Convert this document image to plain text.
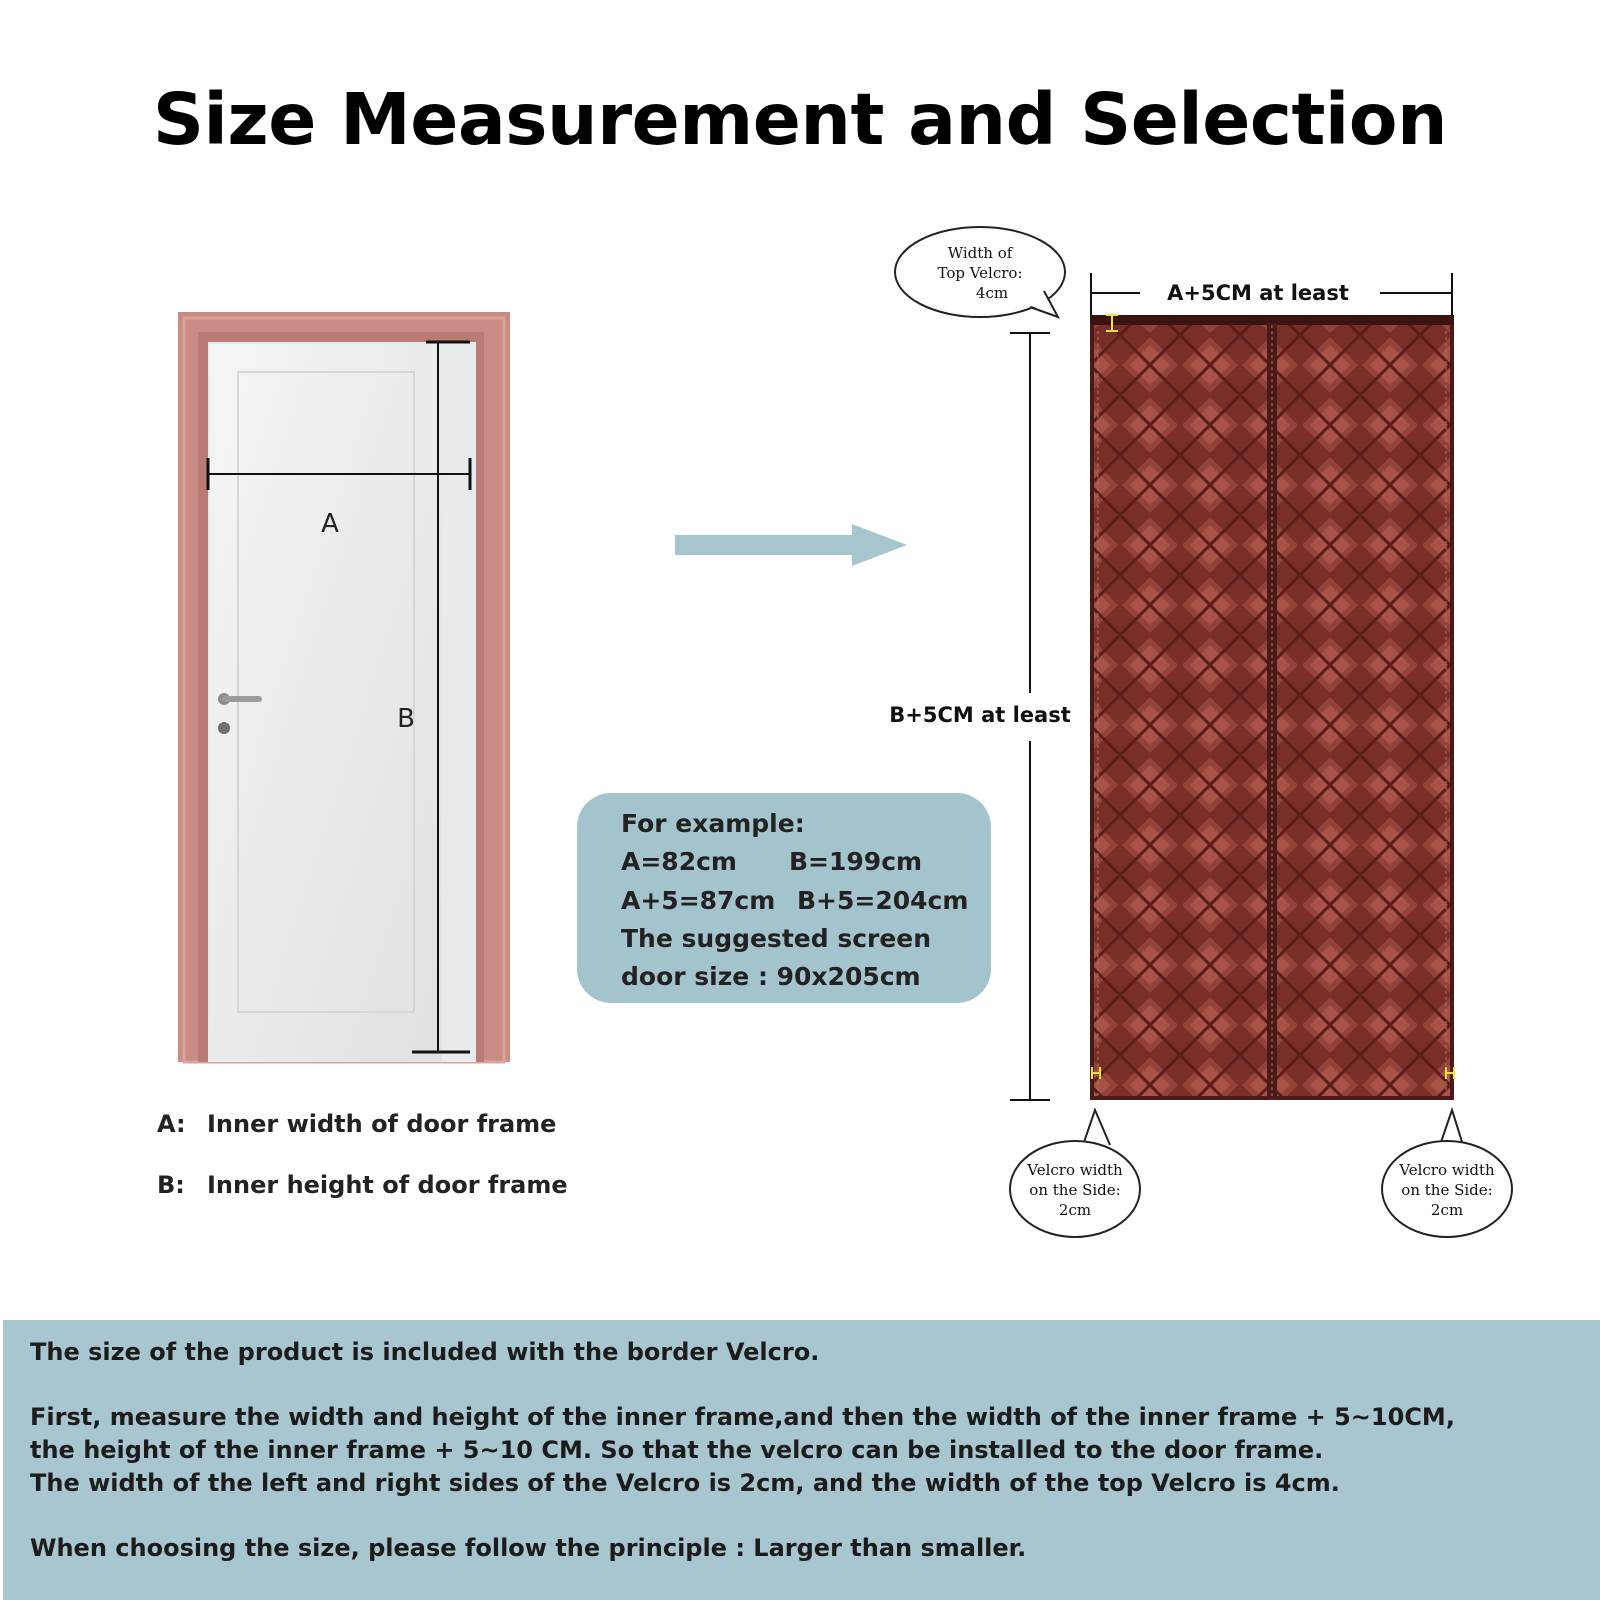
Size Measurement and Selection
A
B
A: Inner width of door frame
B: Inner height of door frame
For example:
A=82cm B=199cm
A+5=87cm B+5=204cm
The suggested screen
door size : 90x205cm
Width of
Top Velcro:
4cm	A+5CM at least
B+5CM at least
Velcro width
on the Side:
2cm
Velcro width
on the Side:
2cm
The size of the product is included with the border Velcro.
First, measure the width and height of the inner frame,and then the width of the inner frame + 5~10CM,
the height of the inner frame + 5~10 CM. So that the velcro can be installed to the door frame.
The width of the left and right sides of the Velcro is 2cm, and the width of the top Velcro is 4cm.
When choosing the size, please follow the principle : Larger than smaller.
